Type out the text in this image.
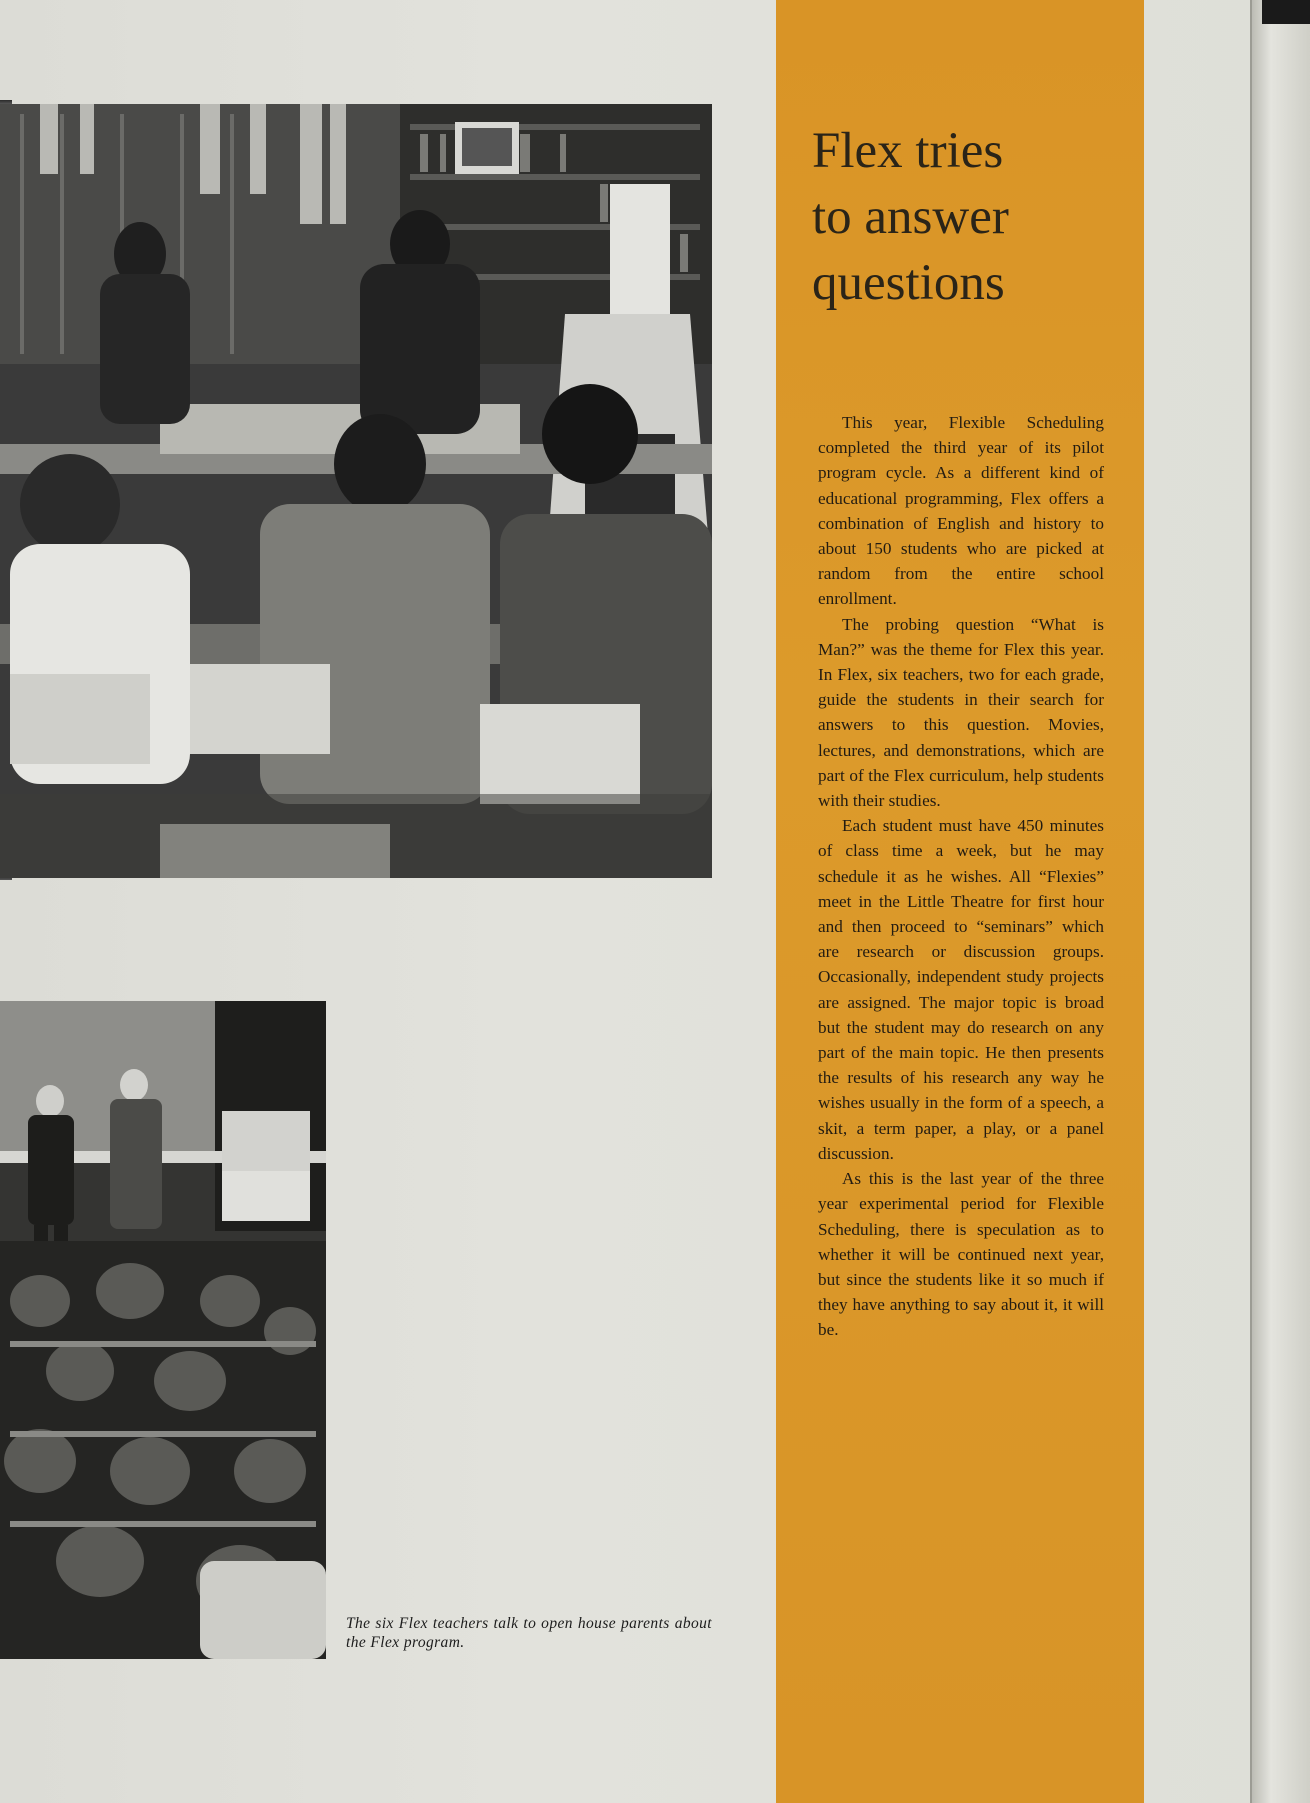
The six Flex teachers talk to open house parents about the Flex program.
Flex tries
to answer
questions

This year, Flexible Scheduling completed the third year of its pilot program cycle. As a different kind of educational programming, Flex offers a combination of English and history to about 150 students who are picked at random from the entire school enrollment.

The probing question “What is Man?” was the theme for Flex this year. In Flex, six teachers, two for each grade, guide the students in their search for answers to this question. Movies, lectures, and demonstrations, which are part of the Flex curriculum, help students with their studies.

Each student must have 450 minutes of class time a week, but he may schedule it as he wishes. All “Flexies” meet in the Little Theatre for first hour and then proceed to “seminars” which are research or discussion groups. Occasionally, independent study projects are assigned. The major topic is broad but the student may do research on any part of the main topic. He then presents the results of his research any way he wishes usually in the form of a speech, a skit, a term paper, a play, or a panel discussion.

As this is the last year of the three year experimental period for Flexible Scheduling, there is speculation as to whether it will be continued next year, but since the students like it so much if they have anything to say about it, it will be.
